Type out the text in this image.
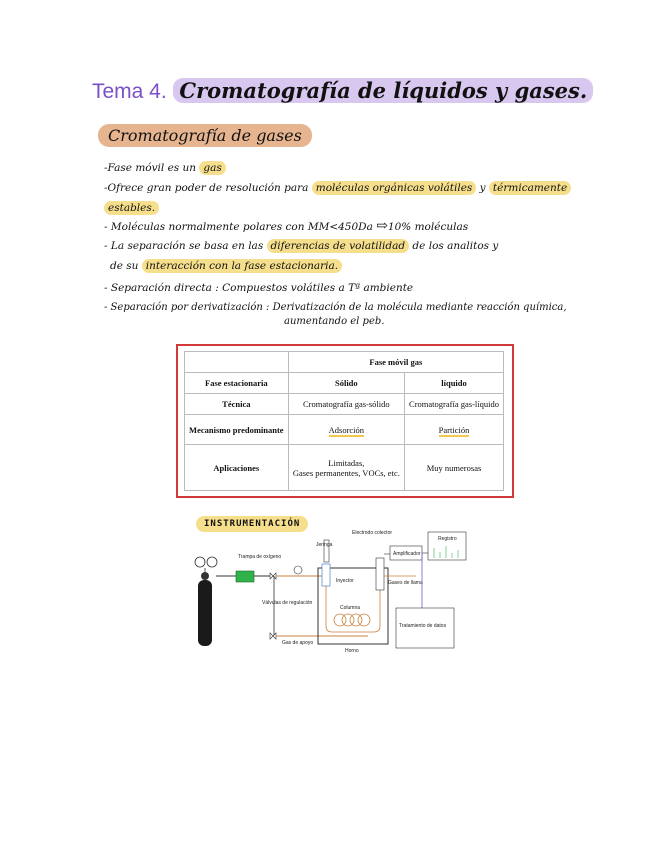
Tema 4. Cromatografía de líquidos y gases.
Cromatografía de gases
-Fase móvil es un gas
-Ofrece gran poder de resolución para moléculas orgánicas volátiles y térmicamente
estables.
- Moléculas normalmente polares con MM<450Da ⇨10% moléculas
- La separación se basa en las diferencias de volatilidad de los analitos y
de su interacción con la fase estacionaria.
- Separación directa : Compuestos volátiles a Tª ambiente
- Separación por derivatización : Derivatización de la molécula mediante reacción química,
aumentando el peb.
	Fase móvil gas	
Fase estacionaria	Sólido	líquido
Técnica	Cromatografía gas-sólido	Cromatografía gas-líquido
Mecanismo predominante	Adsorción	Partición
Aplicaciones	Limitadas,
Gases permanentes, VOCs, etc.	Muy numerosas
INSTRUMENTACIÓN
Trampa de oxígeno
Válvulas de regulación
Gas de apoyo
Horno
Jeringa
Inyector
Columna
Electrodo colector
Gases de llama
Amplificador
Registro
Tratamiento de datos
